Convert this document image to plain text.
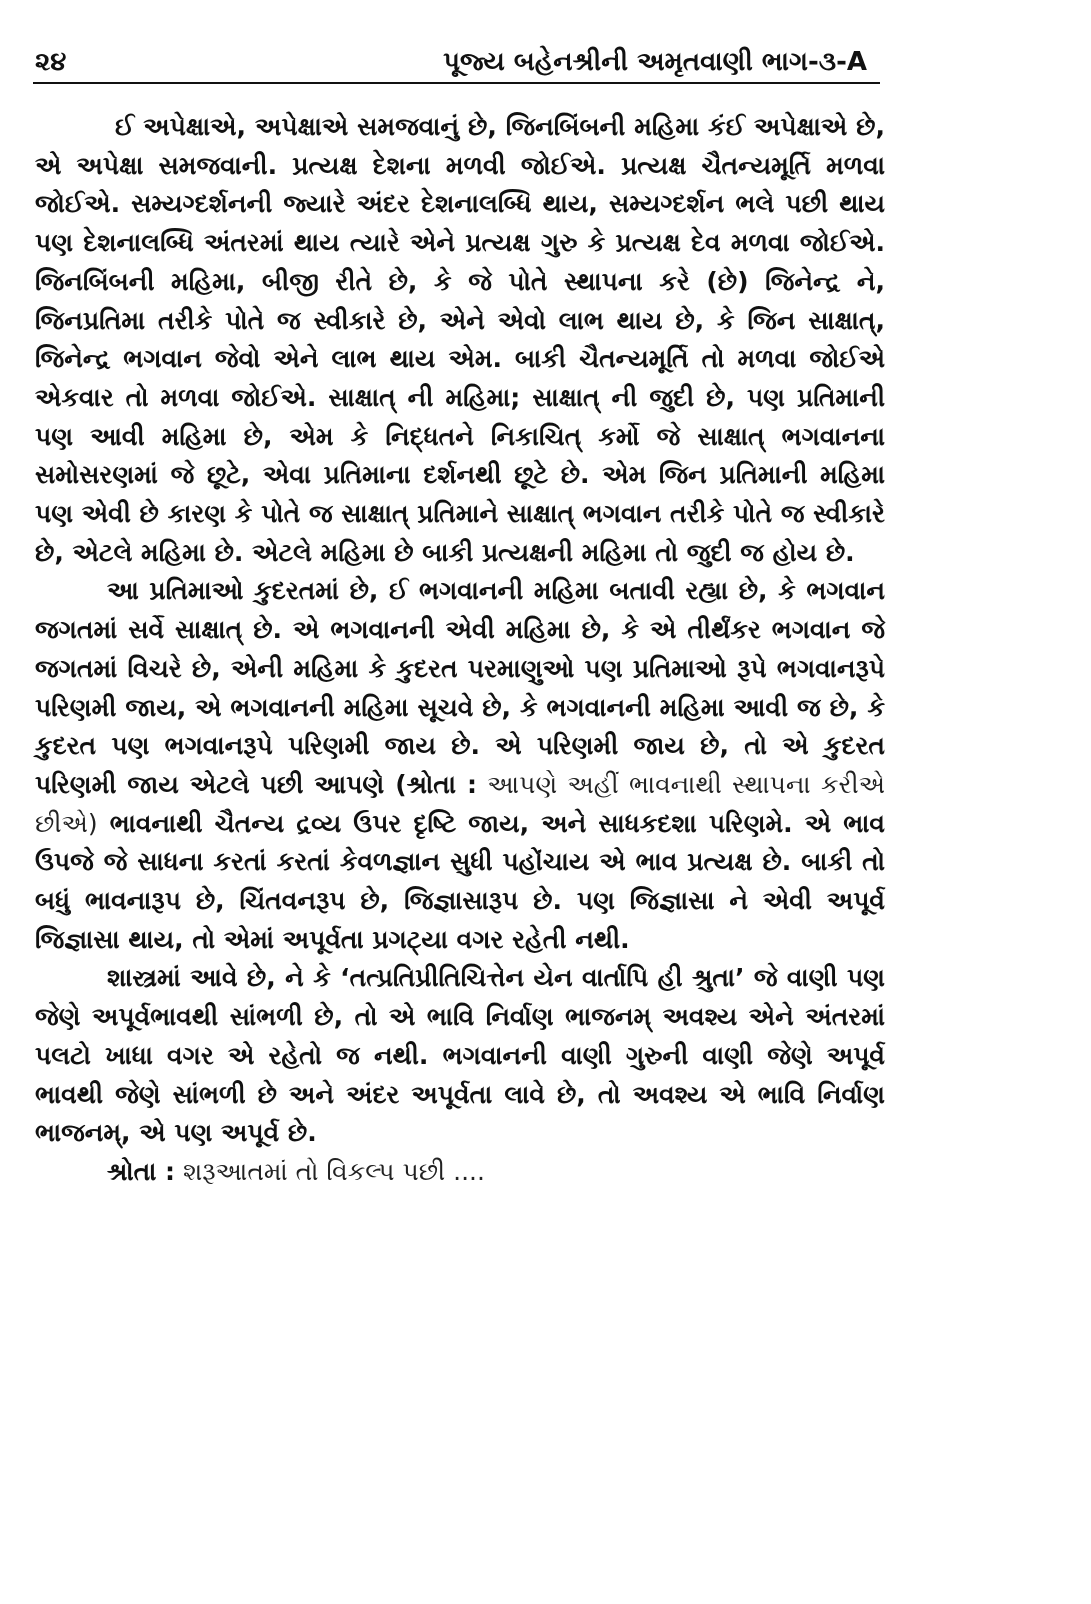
૨૪	પૂજ્ય બહેનશ્રીની અમૃતવાણી ભાગ-૩-A

ઈ અપેક્ષાએ, અપેક્ષાએ સમજવાનું છે, જિનબિંબની મહિમા કંઈ અપેક્ષાએ છે, એ અપેક્ષા સમજવાની. પ્રત્યક્ષ દેશના મળવી જોઈએ. પ્રત્યક્ષ ચૈતન્યમૂર્તિ મળવા જોઈએ. સમ્યગ્દર્શનની જ્યારે અંદર દેશનાલબ્ધિ થાય, સમ્યગ્દર્શન ભલે પછી થાય પણ દેશનાલબ્ધિ અંતરમાં થાય ત્યારે એને પ્રત્યક્ષ ગુરુ કે પ્રત્યક્ષ દેવ મળવા જોઈએ. જિનબિંબની મહિમા, બીજી રીતે છે, કે જે પોતે સ્થાપના કરે (છે) જિનેન્દ્ર ને, જિનપ્રતિમા તરીકે પોતે જ સ્વીકારે છે, એને એવો લાભ થાય છે, કે જિન સાક્ષાત્, જિનેન્દ્ર ભગવાન જેવો એને લાભ થાય એમ. બાકી ચૈતન્યમૂર્તિ તો મળવા જોઈએ એકવાર તો મળવા જોઈએ. સાક્ષાત્ ની મહિમા; સાક્ષાત્ ની જુદી છે, પણ પ્રતિમાની પણ આવી મહિમા છે, એમ કે નિદ્ધતને નિકાચિત્ કર્મો જે સાક્ષાત્ ભગવાનના સમોસરણમાં જે છૂટે, એવા પ્રતિમાના દર્શનથી છૂટે છે. એમ જિન પ્રતિમાની મહિમા પણ એવી છે કારણ કે પોતે જ સાક્ષાત્ પ્રતિમાને સાક્ષાત્ ભગવાન તરીકે પોતે જ સ્વીકારે છે, એટલે મહિમા છે. એટલે મહિમા છે બાકી પ્રત્યક્ષની મહિમા તો જુદી જ હોય છે.

આ પ્રતિમાઓ કુદરતમાં છે, ઈ ભગવાનની મહિમા બતાવી રહ્યા છે, કે ભગવાન જગતમાં સર્વે સાક્ષાત્ છે. એ ભગવાનની એવી મહિમા છે, કે એ તીર્થંકર ભગવાન જે જગતમાં વિચરે છે, એની મહિમા કે કુદરત પરમાણુઓ પણ પ્રતિમાઓ રૂપે ભગવાનરૂપે પરિણમી જાય, એ ભગવાનની મહિમા સૂચવે છે, કે ભગવાનની મહિમા આવી જ છે, કે કુદરત પણ ભગવાનરૂપે પરિણમી જાય છે. એ પરિણમી જાય છે, તો એ કુદરત પરિણમી જાય એટલે પછી આપણે (શ્રોતા : આપણે અહીં ભાવનાથી સ્થાપના કરીએ છીએ) ભાવનાથી ચૈતન્ય દ્રવ્ય ઉપર દૃષ્ટિ જાય, અને સાધકદશા પરિણમે. એ ભાવ ઉપજે જે સાધના કરતાં કરતાં કેવળજ્ઞાન સુધી પહોંચાય એ ભાવ પ્રત્યક્ષ છે. બાકી તો બધું ભાવનારૂપ છે, ચિંતવનરૂપ છે, જિજ્ઞાસારૂપ છે. પણ જિજ્ઞાસા ને એવી અપૂર્વ જિજ્ઞાસા થાય, તો એમાં અપૂર્વતા પ્રગટ્યા વગર રહેતી નથી.

શાસ્ત્રમાં આવે છે, ને કે ‘તત્પ્રતિપ્રીતિચિત્તેન યેન વાર્તાપિ હી શ્રુતા’ જે વાણી પણ જેણે અપૂર્વભાવથી સાંભળી છે, તો એ ભાવિ નિર્વાણ ભાજનમ્ અવશ્ય એને અંતરમાં પલટો ખાધા વગર એ રહેતો જ નથી. ભગવાનની વાણી ગુરુની વાણી જેણે અપૂર્વ ભાવથી જેણે સાંભળી છે અને અંદર અપૂર્વતા લાવે છે, તો અવશ્ય એ ભાવિ નિર્વાણ ભાજનમ્, એ પણ અપૂર્વ છે.

શ્રોતા : શરૂઆતમાં તો વિકલ્પ પછી ....
